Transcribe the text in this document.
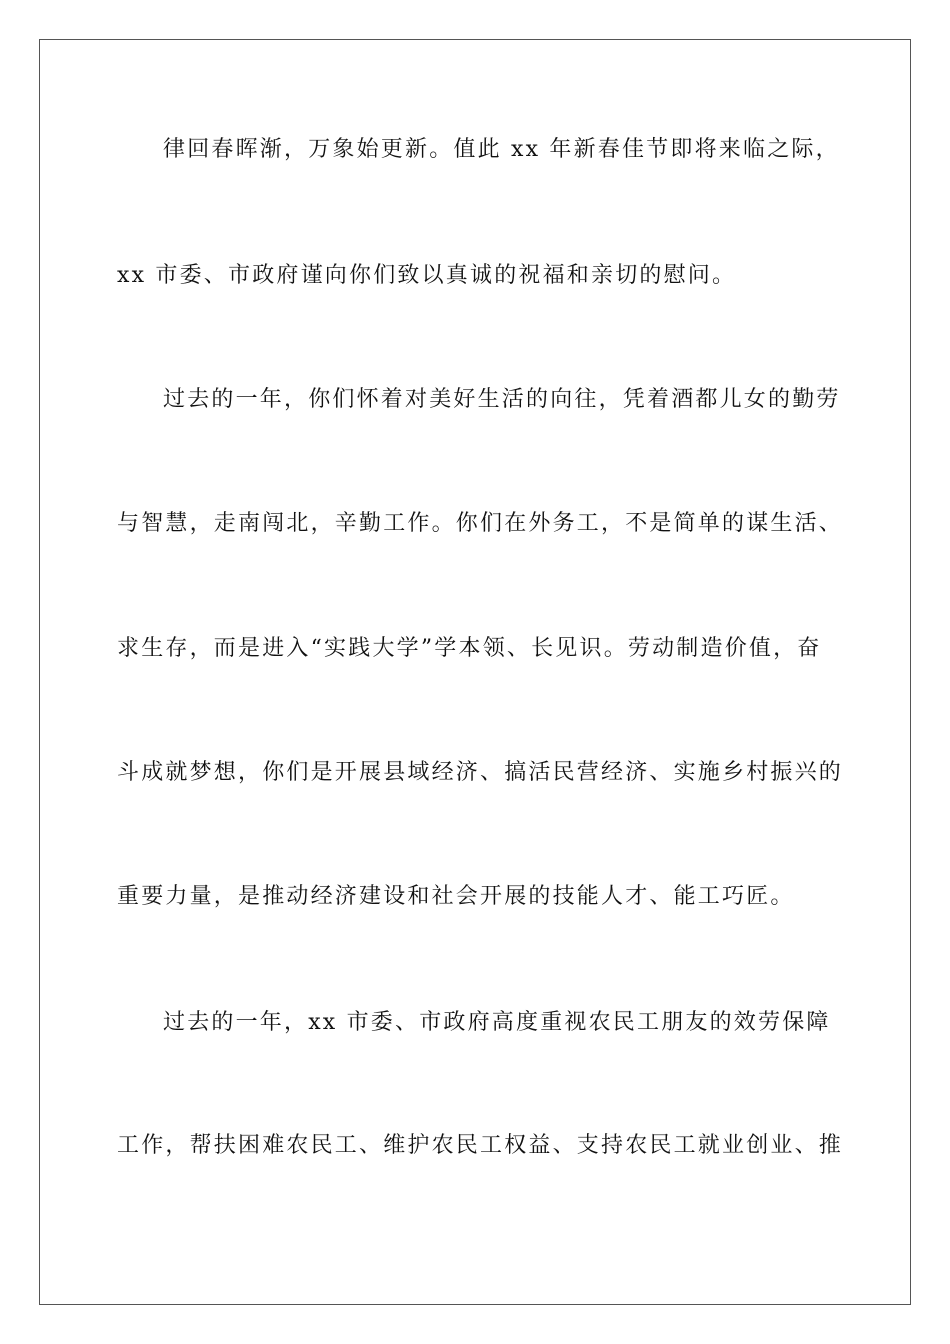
律回春晖渐，万象始更新。值此 xx 年新春佳节即将来临之际，
xx 市委、市政府谨向你们致以真诚的祝福和亲切的慰问。
过去的一年，你们怀着对美好生活的向往，凭着酒都儿女的勤劳
与智慧，走南闯北，辛勤工作。你们在外务工，不是简单的谋生活、
求生存，而是进入“实践大学”学本领、长见识。劳动制造价值，奋
斗成就梦想，你们是开展县域经济、搞活民营经济、实施乡村振兴的
重要力量，是推动经济建设和社会开展的技能人才、能工巧匠。
过去的一年，xx 市委、市政府高度重视农民工朋友的效劳保障
工作，帮扶困难农民工、维护农民工权益、支持农民工就业创业、推
